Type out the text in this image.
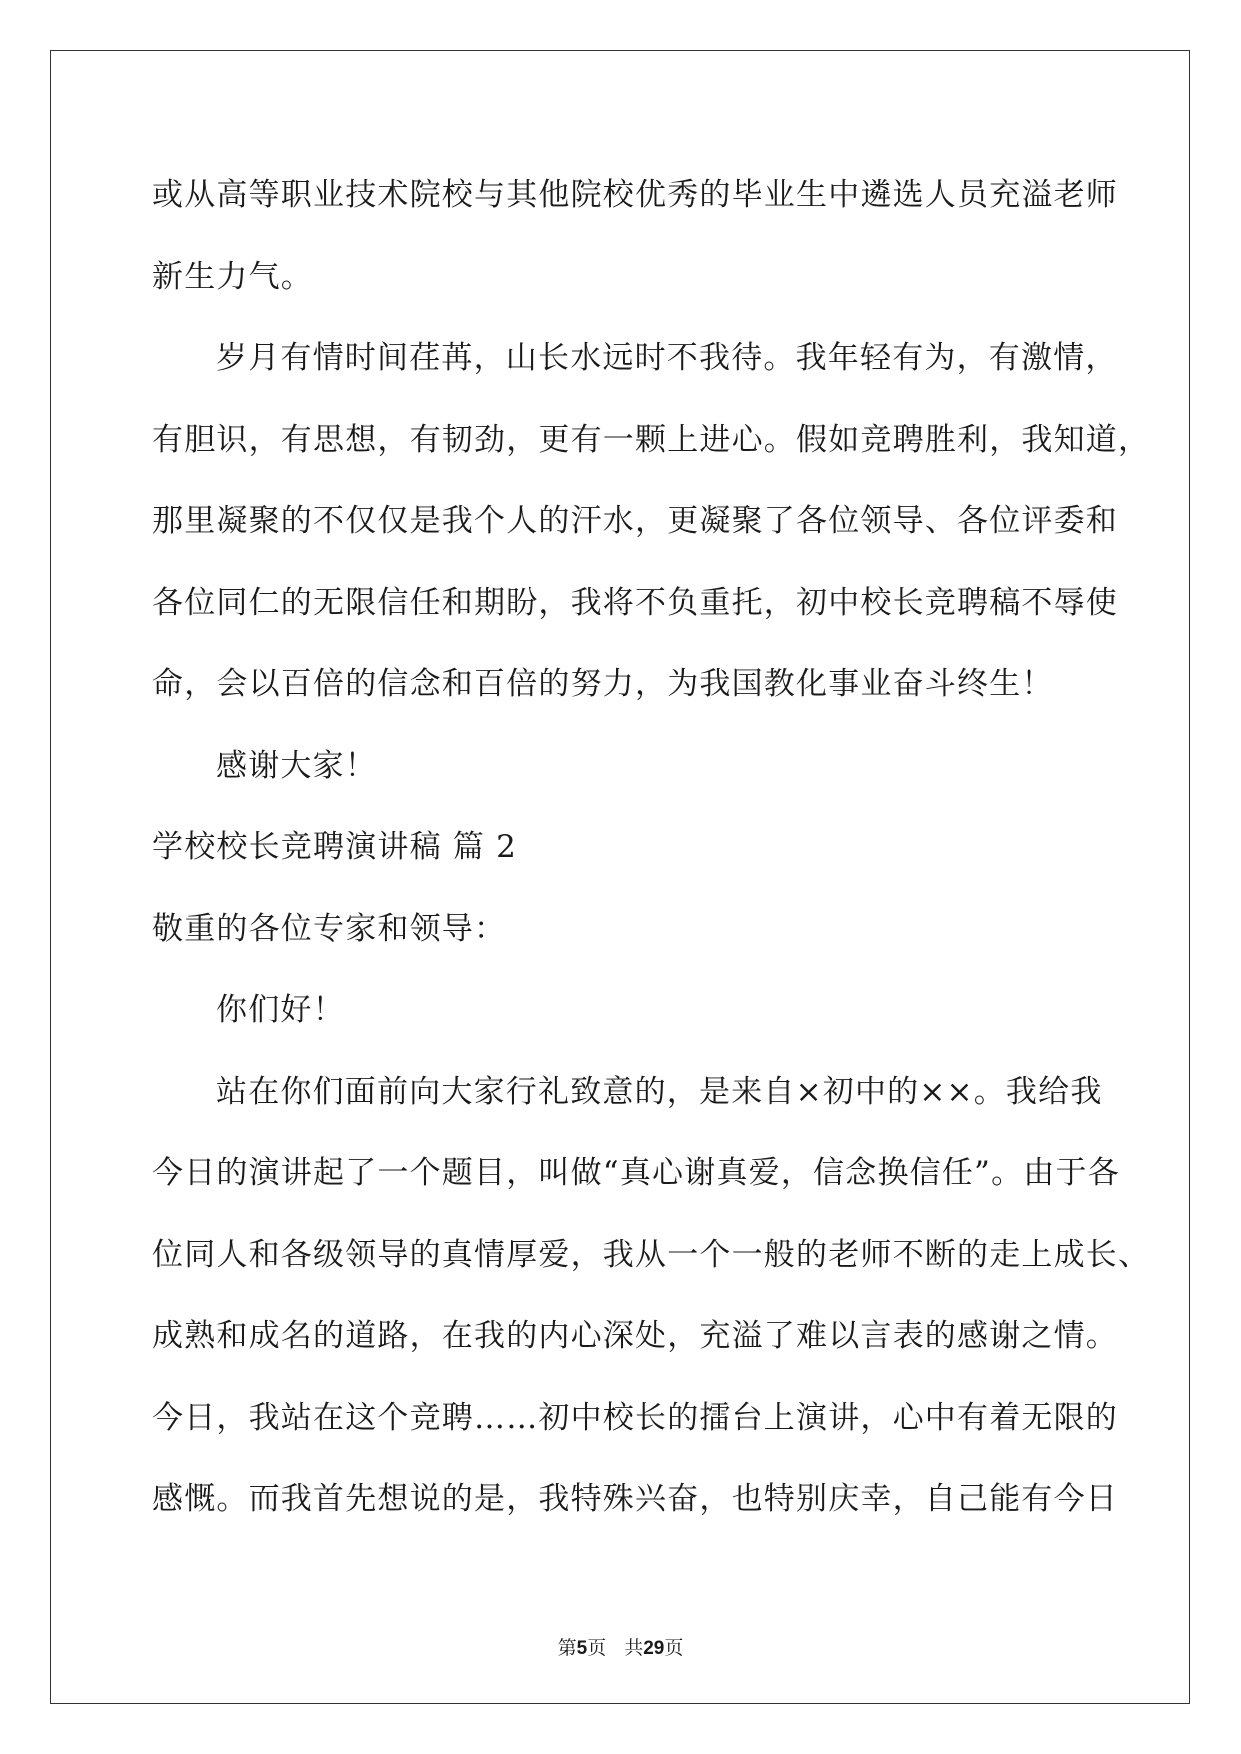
或从高等职业技术院校与其他院校优秀的毕业生中遴选人员充溢老师
新生力气。
岁月有情时间荏苒，山长水远时不我待。我年轻有为，有激情，
有胆识，有思想，有韧劲，更有一颗上进心。假如竞聘胜利，我知道，
那里凝聚的不仅仅是我个人的汗水，更凝聚了各位领导、各位评委和
各位同仁的无限信任和期盼，我将不负重托，初中校长竞聘稿不辱使
命，会以百倍的信念和百倍的努力，为我国教化事业奋斗终生！
感谢大家！
学校校长竞聘演讲稿 篇 2
敬重的各位专家和领导：
你们好！
站在你们面前向大家行礼致意的，是来自×初中的××。我给我
今日的演讲起了一个题目，叫做“真心谢真爱，信念换信任”。由于各
位同人和各级领导的真情厚爱，我从一个一般的老师不断的走上成长、
成熟和成名的道路，在我的内心深处，充溢了难以言表的感谢之情。
今日，我站在这个竞聘……初中校长的擂台上演讲，心中有着无限的
感慨。而我首先想说的是，我特殊兴奋，也特别庆幸，自己能有今日
第5页 共29页
